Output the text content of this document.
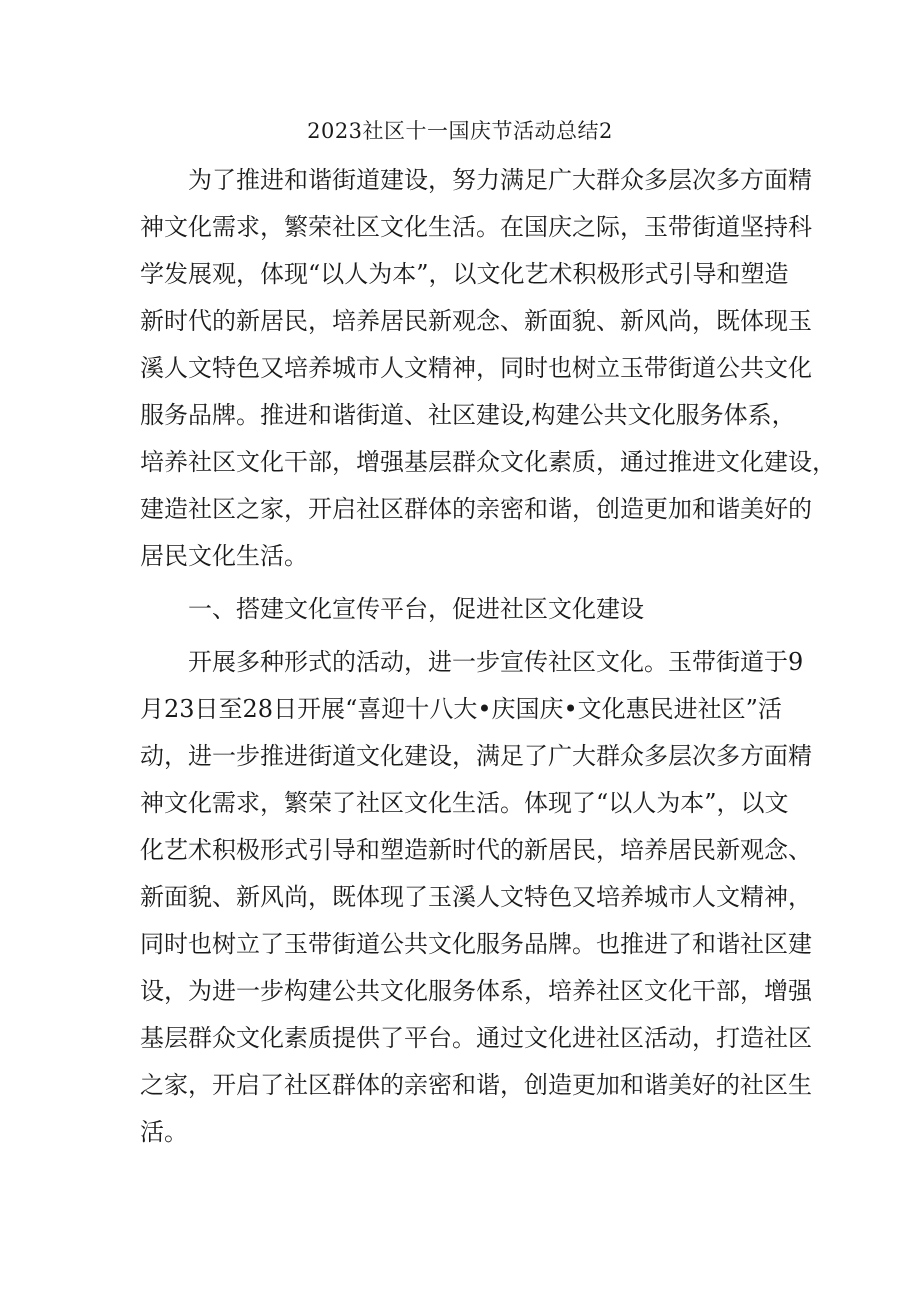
2023社区十一国庆节活动总结2

为了推进和谐街道建设，努力满足广大群众多层次多方面精

神文化需求，繁荣社区文化生活。在国庆之际，玉带街道坚持科

学发展观，体现“以人为本”，以文化艺术积极形式引导和塑造

新时代的新居民，培养居民新观念、新面貌、新风尚，既体现玉

溪人文特色又培养城市人文精神，同时也树立玉带街道公共文化

服务品牌。推进和谐街道、社区建设,构建公共文化服务体系，

培养社区文化干部，增强基层群众文化素质，通过推进文化建设，

建造社区之家，开启社区群体的亲密和谐，创造更加和谐美好的

居民文化生活。

一、搭建文化宣传平台，促进社区文化建设

开展多种形式的活动，进一步宣传社区文化。玉带街道于9

月23日至28日开展“喜迎十八大•庆国庆•文化惠民进社区”活

动，进一步推进街道文化建设，满足了广大群众多层次多方面精

神文化需求，繁荣了社区文化生活。体现了“以人为本”，以文

化艺术积极形式引导和塑造新时代的新居民，培养居民新观念、

新面貌、新风尚，既体现了玉溪人文特色又培养城市人文精神，

同时也树立了玉带街道公共文化服务品牌。也推进了和谐社区建

设，为进一步构建公共文化服务体系，培养社区文化干部，增强

基层群众文化素质提供了平台。通过文化进社区活动，打造社区

之家，开启了社区群体的亲密和谐，创造更加和谐美好的社区生

活。
